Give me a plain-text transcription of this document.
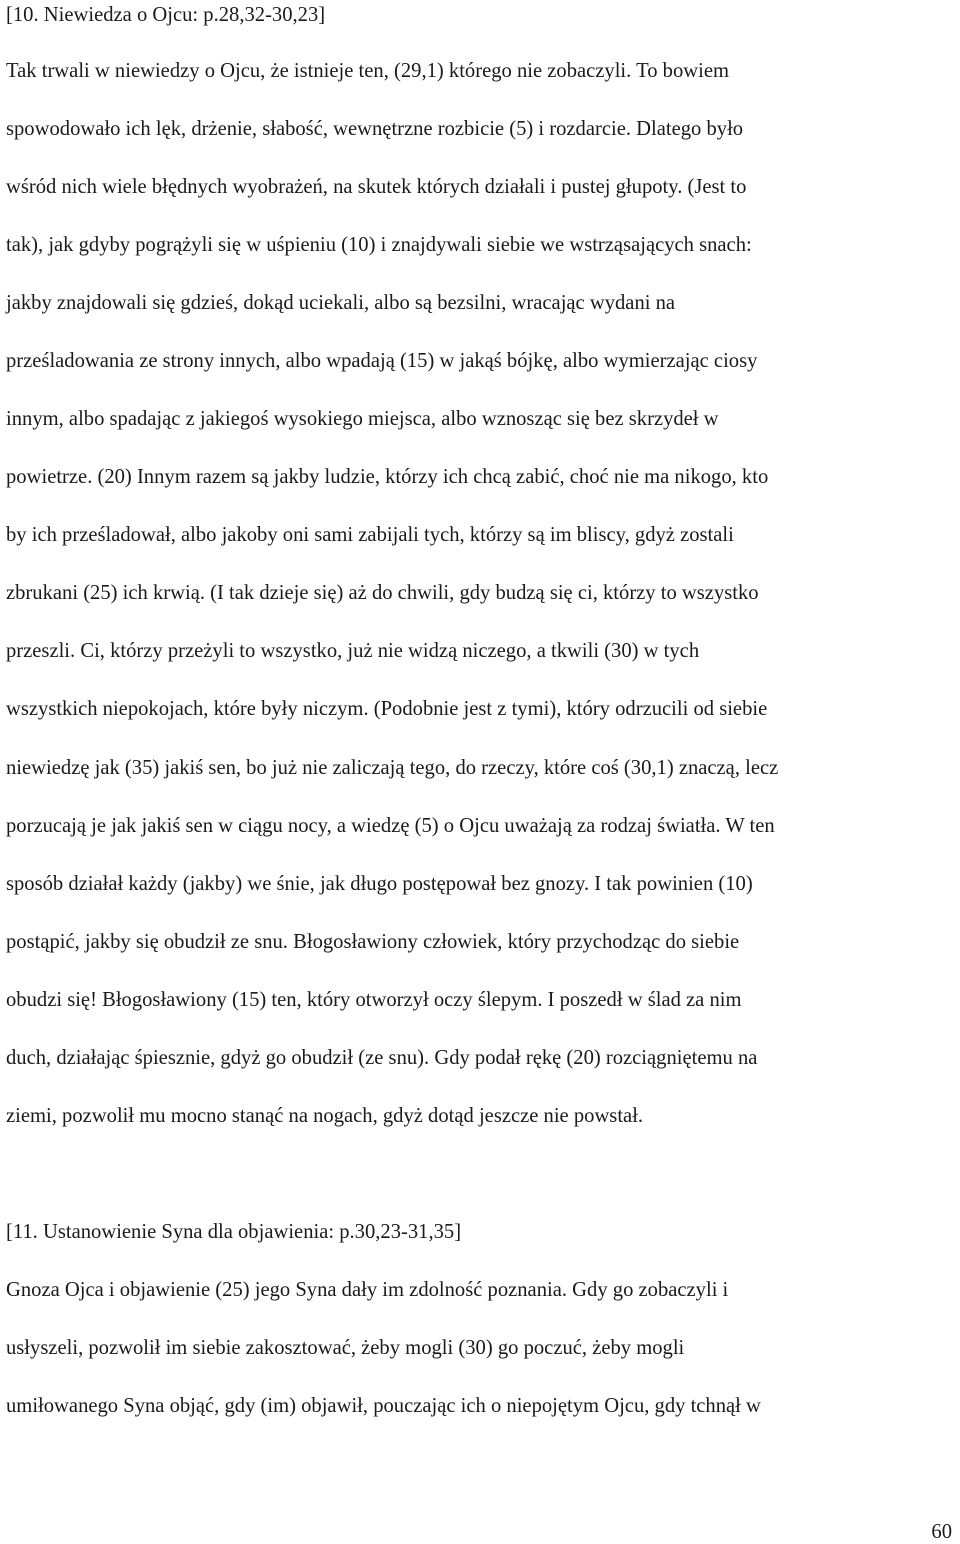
[10. Niewiedza o Ojcu: p.28,32-30,23]
Tak trwali w niewiedzy o Ojcu, że istnieje ten, (29,1) którego nie zobaczyli. To bowiem
spowodowało ich lęk, drżenie, słabość, wewnętrzne rozbicie (5) i rozdarcie. Dlatego było
wśród nich wiele błędnych wyobrażeń, na skutek których działali i pustej głupoty. (Jest to
tak), jak gdyby pogrążyli się w uśpieniu (10) i znajdywali siebie we wstrząsających snach:
jakby znajdowali się gdzieś, dokąd uciekali, albo są bezsilni, wracając wydani na
prześladowania ze strony innych, albo wpadają (15) w jakąś bójkę, albo wymierzając ciosy
innym, albo spadając z jakiegoś wysokiego miejsca, albo wznosząc się bez skrzydeł w
powietrze. (20) Innym razem są jakby ludzie, którzy ich chcą zabić, choć nie ma nikogo, kto
by ich prześladował, albo jakoby oni sami zabijali tych, którzy są im bliscy, gdyż zostali
zbrukani (25) ich krwią. (I tak dzieje się) aż do chwili, gdy budzą się ci, którzy to wszystko
przeszli. Ci, którzy przeżyli to wszystko, już nie widzą niczego, a tkwili (30) w tych
wszystkich niepokojach, które były niczym. (Podobnie jest z tymi), który odrzucili od siebie
niewiedzę jak (35) jakiś sen, bo już nie zaliczają tego, do rzeczy, które coś (30,1) znaczą, lecz
porzucają je jak jakiś sen w ciągu nocy, a wiedzę (5) o Ojcu uważają za rodzaj światła. W ten
sposób działał każdy (jakby) we śnie, jak długo postępował bez gnozy. I tak powinien (10)
postąpić, jakby się obudził ze snu. Błogosławiony człowiek, który przychodząc do siebie
obudzi się! Błogosławiony (15) ten, który otworzył oczy ślepym. I poszedł w ślad za nim
duch, działając śpiesznie, gdyż go obudził (ze snu). Gdy podał rękę (20) rozciągniętemu na
ziemi, pozwolił mu mocno stanąć na nogach, gdyż dotąd jeszcze nie powstał.
[11. Ustanowienie Syna dla objawienia: p.30,23-31,35]
Gnoza Ojca i objawienie (25) jego Syna dały im zdolność poznania. Gdy go zobaczyli i
usłyszeli, pozwolił im siebie zakosztować, żeby mogli (30) go poczuć, żeby mogli
umiłowanego Syna objąć, gdy (im) objawił, pouczając ich o niepojętym Ojcu, gdy tchnął w
60
